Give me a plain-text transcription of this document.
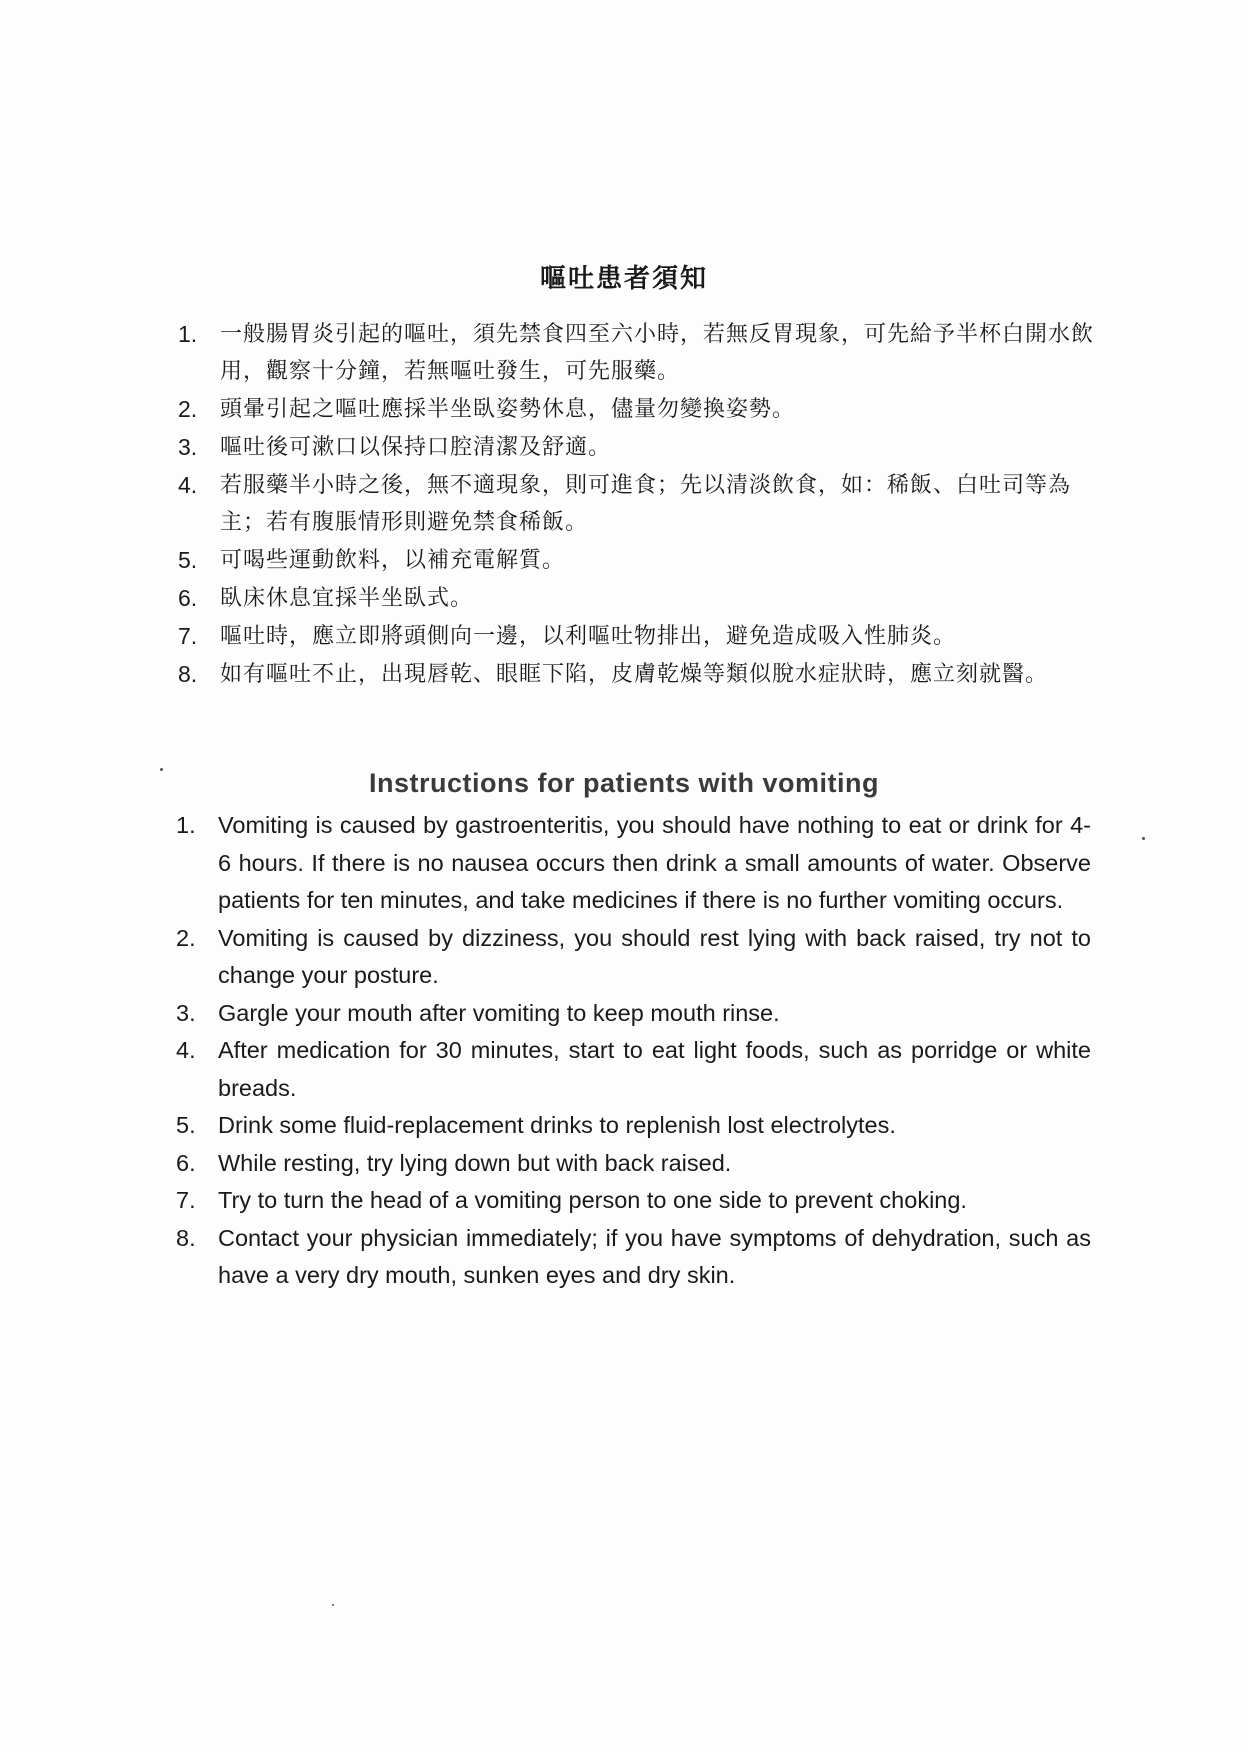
嘔吐患者須知
1.	一般腸胃炎引起的嘔吐，須先禁食四至六小時，若無反胃現象，可先給予半杯白開水飲用，觀察十分鐘，若無嘔吐發生，可先服藥。
2.	頭暈引起之嘔吐應採半坐臥姿勢休息，儘量勿變換姿勢。
3.	嘔吐後可漱口以保持口腔清潔及舒適。
4.	若服藥半小時之後，無不適現象，則可進食；先以清淡飲食，如：稀飯、白吐司等為主；若有腹脹情形則避免禁食稀飯。
5.	可喝些運動飲料，以補充電解質。
6.	臥床休息宜採半坐臥式。
7.	嘔吐時，應立即將頭側向一邊，以利嘔吐物排出，避免造成吸入性肺炎。
8.	如有嘔吐不止，出現唇乾、眼眶下陷，皮膚乾燥等類似脫水症狀時，應立刻就醫。
Instructions for patients with vomiting
1. Vomiting is caused by gastroenteritis, you should have nothing to eat or drink for 4-6 hours. If there is no nausea occurs then drink a small amounts of water. Observe patients for ten minutes, and take medicines if there is no further vomiting occurs.
2. Vomiting is caused by dizziness, you should rest lying with back raised, try not to change your posture.
3. Gargle your mouth after vomiting to keep mouth rinse.
4. After medication for 30 minutes, start to eat light foods, such as porridge or white breads.
5. Drink some fluid-replacement drinks to replenish lost electrolytes.
6. While resting, try lying down but with back raised.
7. Try to turn the head of a vomiting person to one side to prevent choking.
8. Contact your physician immediately; if you have symptoms of dehydration, such as have a very dry mouth, sunken eyes and dry skin.
